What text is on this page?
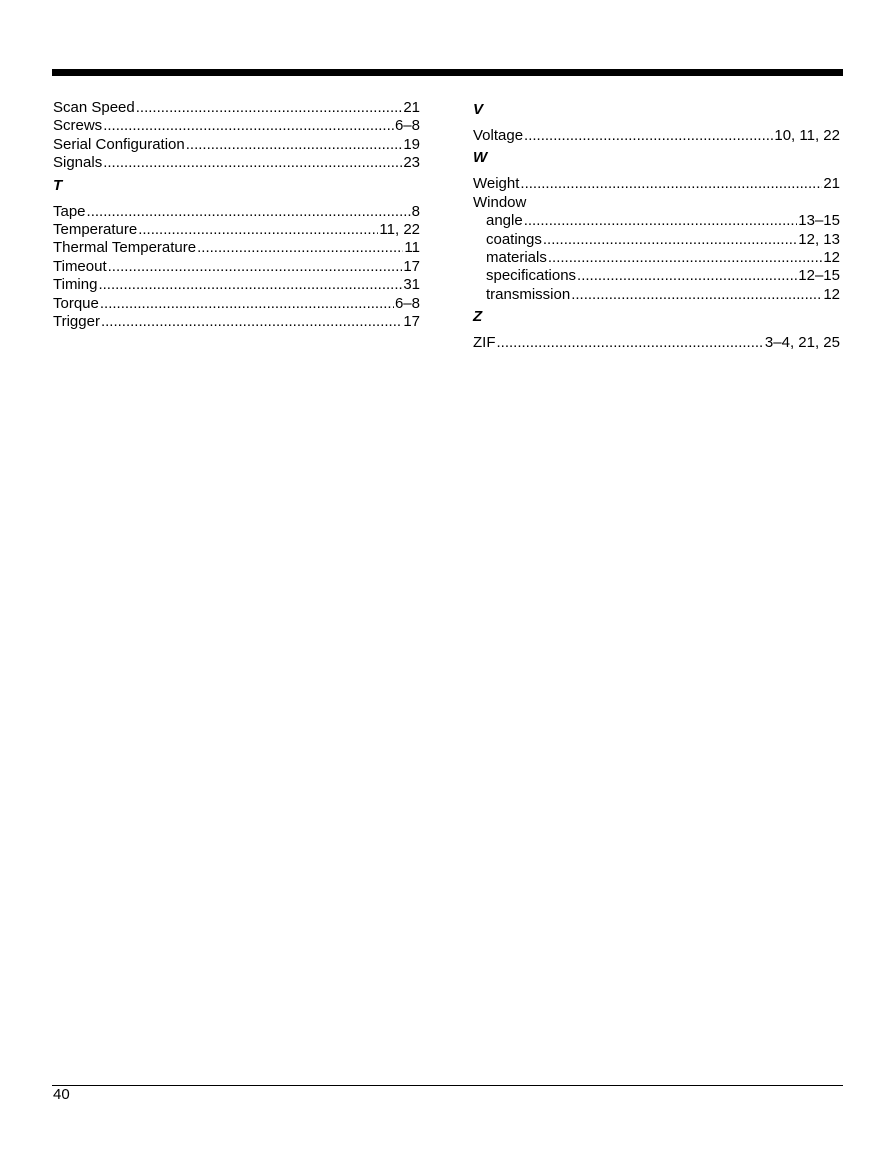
Scan Speed .....	21
Screws .....	6–8
Serial Configuration .....	19
Signals .....	23
T
Tape .....	8
Temperature .....	11, 22
Thermal Temperature .....	11
Timeout .....	17
Timing .....	31
Torque .....	6–8
Trigger .....	17
V
Voltage .....	10, 11, 22
W
Weight .....	21
Window
angle .....	13–15
coatings .....	12, 13
materials .....	12
specifications .....	12–15
transmission .....	12
Z
ZIF .....	3–4, 21, 25
40
